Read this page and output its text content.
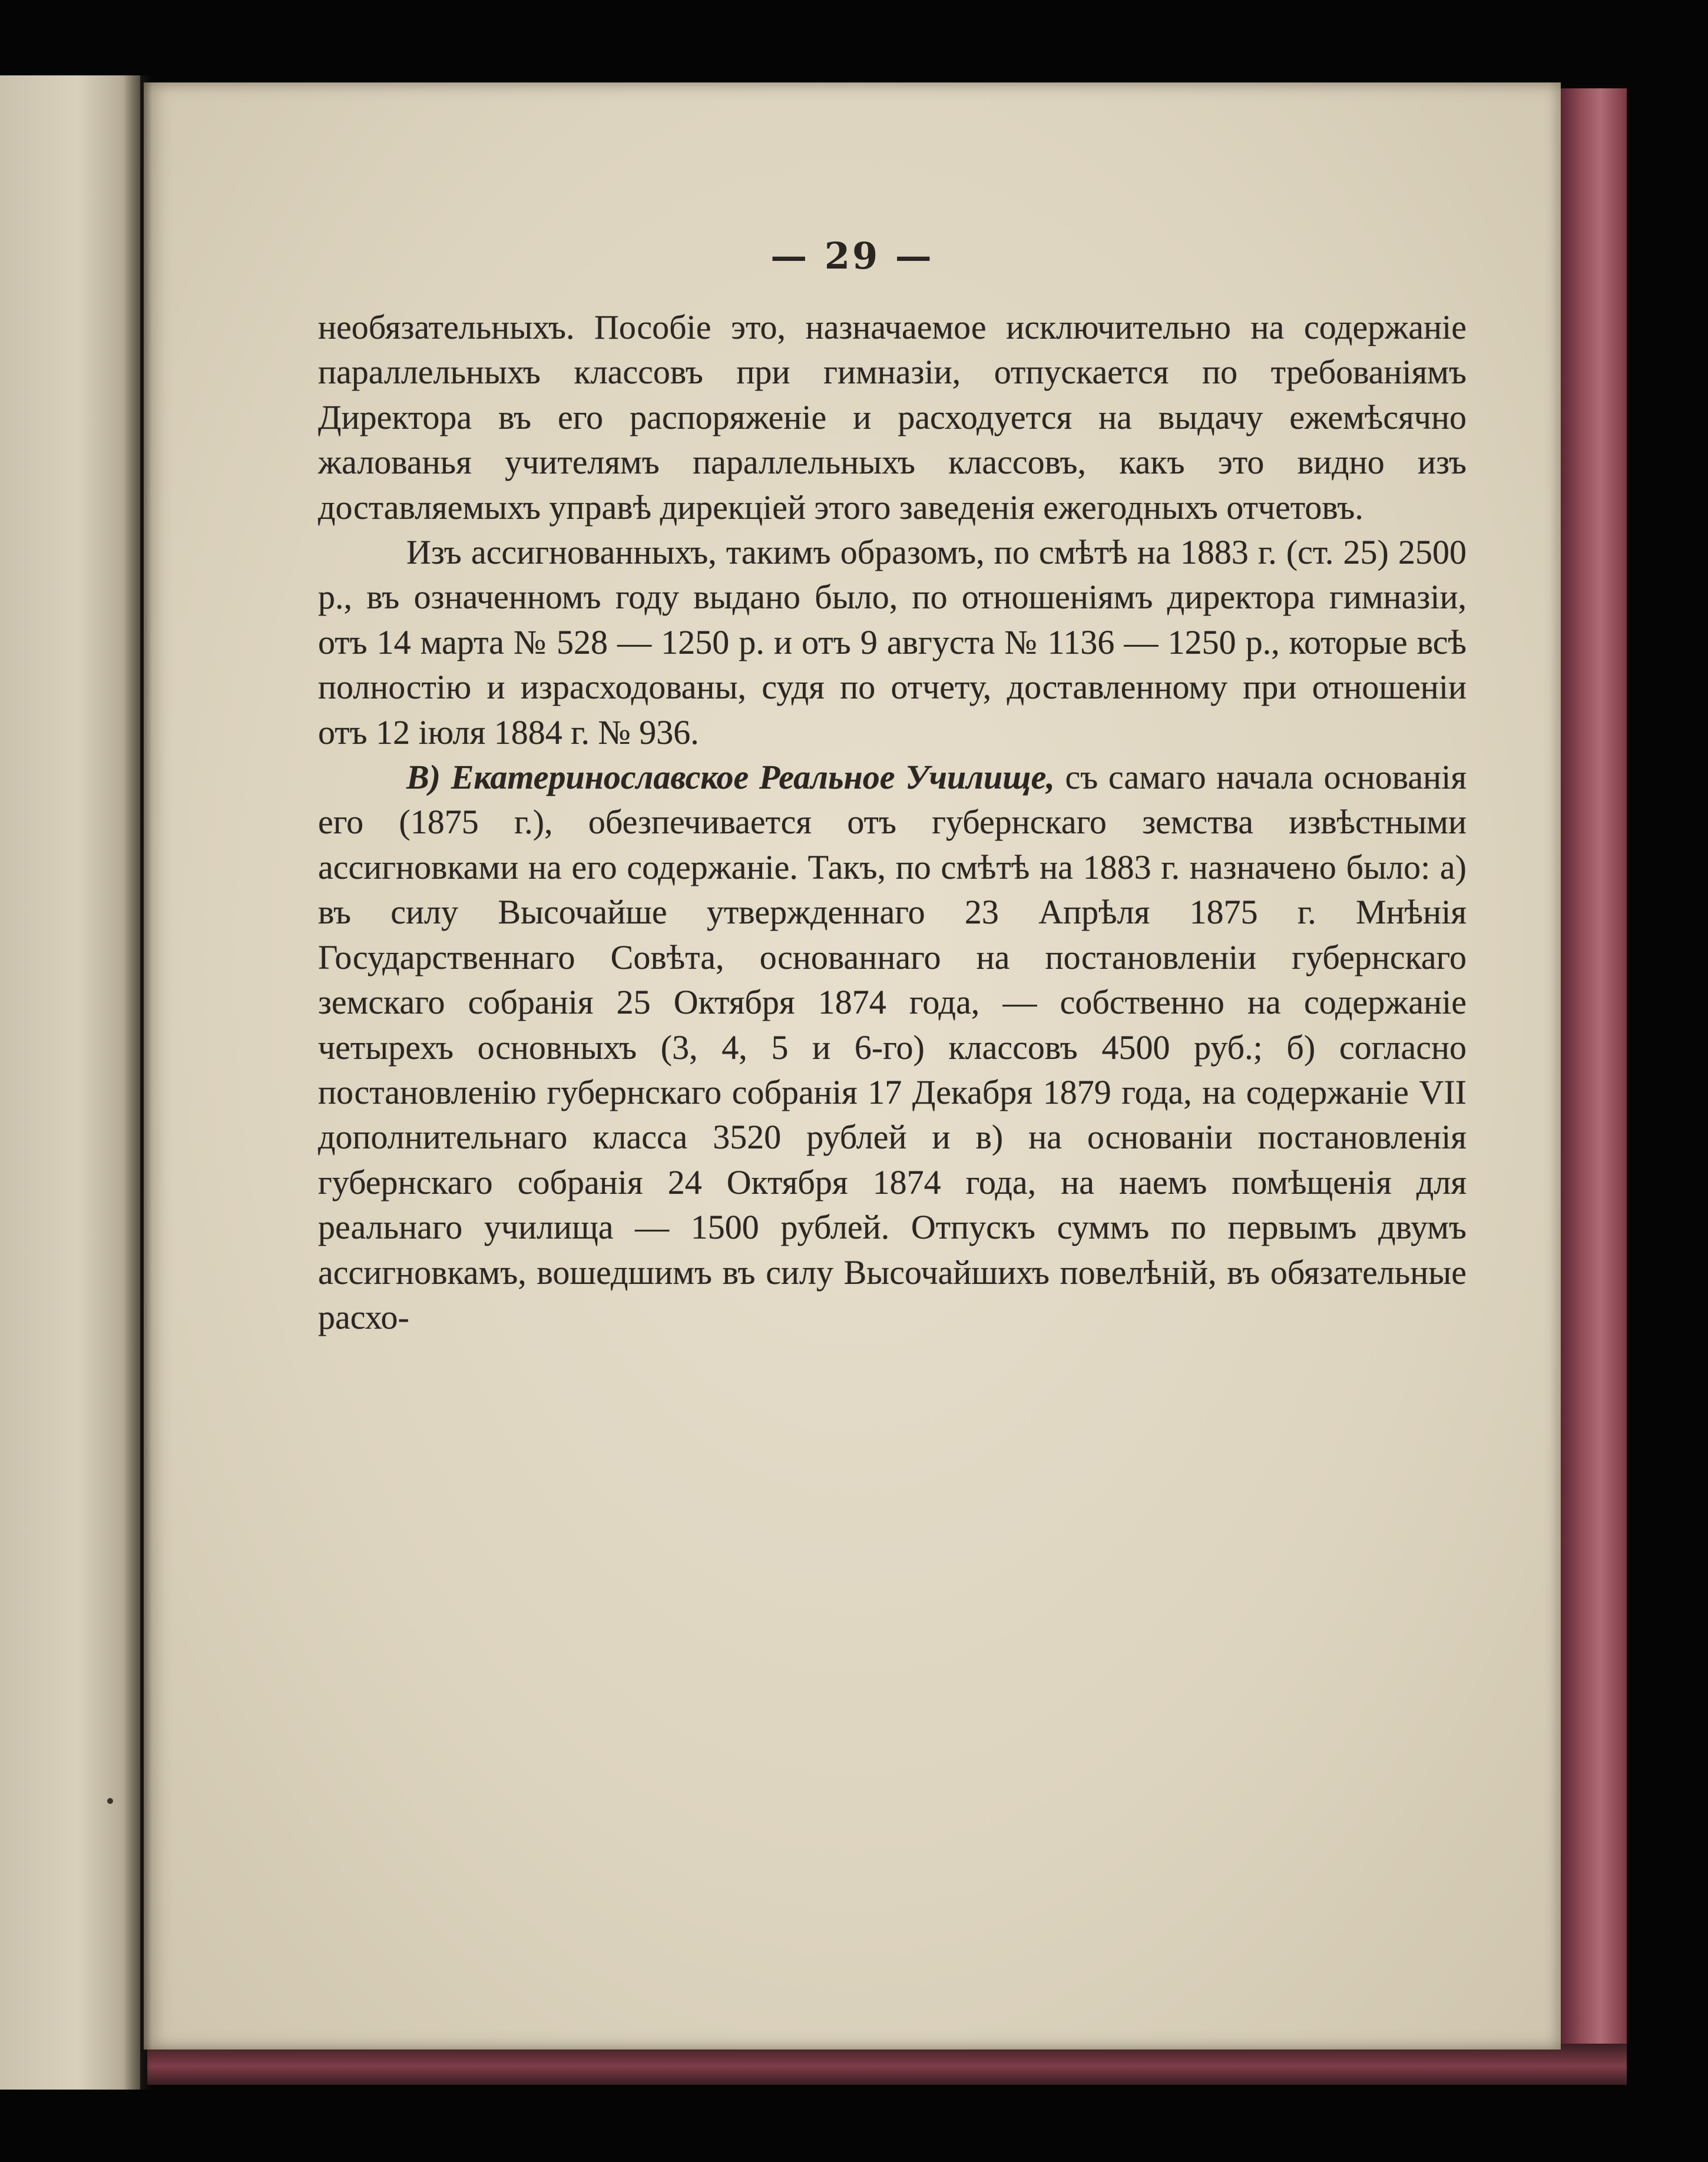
— 29 —

необязательныхъ. Пособіе это, назначаемое исключительно на содержаніе параллельныхъ классовъ при гимназіи, отпускается по требованіямъ Директора въ его распоряженіе и расходуется на выдачу ежемѣсячно жалованья учителямъ параллельныхъ классовъ, какъ это видно изъ доставляемыхъ управѣ дирекціей этого заведенія ежегодныхъ отчетовъ.

Изъ ассигнованныхъ, такимъ образомъ, по смѣтѣ на 1883 г. (ст. 25) 2500 р., въ означенномъ году выдано было, по отношеніямъ директора гимназіи, отъ 14 марта № 528 — 1250 р. и отъ 9 августа № 1136 — 1250 р., которые всѣ полностію и израсходованы, судя по отчету, доставленному при отношеніи отъ 12 іюля 1884 г. № 936.

В) Екатеринославское Реальное Училище, съ самаго начала основанія его (1875 г.), обезпечивается отъ губернскаго земства извѣстными ассигновками на его содержаніе. Такъ, по смѣтѣ на 1883 г. назначено было: а) въ силу Высочайше утвержденнаго 23 Апрѣля 1875 г. Мнѣнія Государственнаго Совѣта, основаннаго на постановленіи губернскаго земскаго собранія 25 Октября 1874 года, — собственно на содержаніе четырехъ основныхъ (3, 4, 5 и 6-го) классовъ 4500 руб.; б) согласно постановленію губернскаго собранія 17 Декабря 1879 года, на содержаніе VII дополнительнаго класса 3520 рублей и в) на основаніи постановленія губернскаго собранія 24 Октября 1874 года, на наемъ помѣщенія для реальнаго училища — 1500 рублей. Отпускъ суммъ по первымъ двумъ ассигновкамъ, вошедшимъ въ силу Высочайшихъ повелѣній, въ обязательные расхо-
